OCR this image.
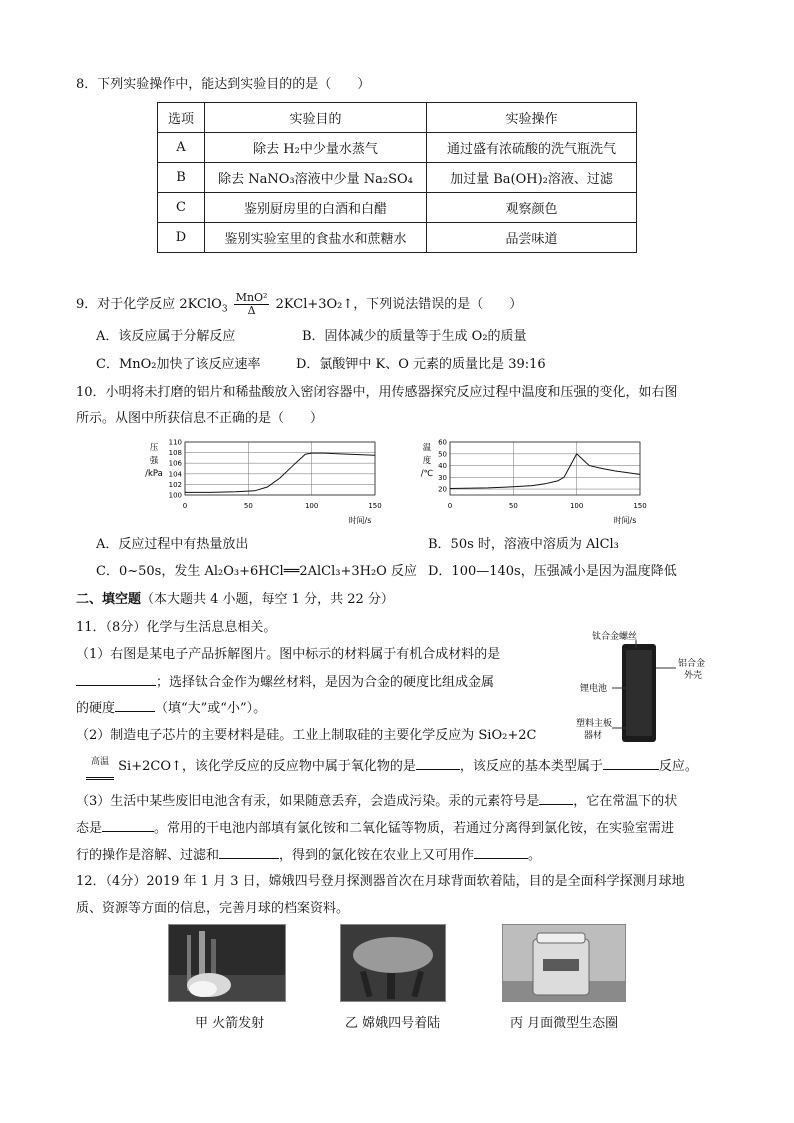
8．下列实验操作中，能达到实验目的的是（　　）
选项	实验目的	实验操作
A	除去 H₂中少量水蒸气	通过盛有浓硫酸的洗气瓶洗气
B	除去 NaNO₃溶液中少量 Na₂SO₄	加过量 Ba(OH)₂溶液、过滤
C	鉴别厨房里的白酒和白醋	观察颜色
D	鉴别实验室里的食盐水和蔗糖水	品尝味道
9．对于化学反应 2KClO$_3$ $\frac{\text{MnO²}}{\Delta}$ 2KCl+3O₂↑，下列说法错误的是（　　）
A．该反应属于分解反应	B．固体减少的质量等于生成 O₂的质量
C．MnO₂加快了该反应速率	D．氯酸钾中 K、O 元素的质量比是 39:16
10．小明将未打磨的铝片和稀盐酸放入密闭容器中，用传感器探究反应过程中温度和压强的变化，如右图
所示。从图中所获信息不正确的是（　　）
0	50	100	150
100
102
104
106
108
110
压
强
/kPa
时间/s
0	50	100	150
20
30
40
50
60
温
度
/℃
时间/s
A．反应过程中有热量放出	B．50s 时，溶液中溶质为 AlCl₃
C．0~50s，发生 Al₂O₃+6HCl══2AlCl₃+3H₂O 反应 D．100—140s，压强减小是因为温度降低
二、填空题（本大题共 4 小题，每空 1 分，共 22 分）
11．（8分）化学与生活息息相关。
（1）右图是某电子产品拆解图片。图中标示的材料属于有机合成材料的是
；选择钛合金作为螺丝材料，是因为合金的硬度比组成金属
的硬度	（填“大”或“小”）。
（2）制造电子芯片的主要材料是硅。工业上制取硅的主要化学反应为 SiO₂+2C
高温 Si+2CO↑，该化学反应的反应物中属于氧化物的是	，该反应的基本类型属于	反应。
（3）生活中某些废旧电池含有汞，如果随意丢弃，会造成污染。汞的元素符号是	，它在常温下的状
态是	。常用的干电池内部填有氯化铵和二氧化锰等物质，若通过分离得到氯化铵，在实验室需进
行的操作是溶解、过滤和	，得到的氯化铵在农业上又可用作	。
钛合金螺丝
铝合金
外壳
锂电池
塑料主板
器材
12．（4分）2019 年 1 月 3 日，嫦娥四号登月探测器首次在月球背面软着陆，目的是全面科学探测月球地
质、资源等方面的信息，完善月球的档案资料。
甲 火箭发射	乙 嫦娥四号着陆	丙 月面微型生态圈
